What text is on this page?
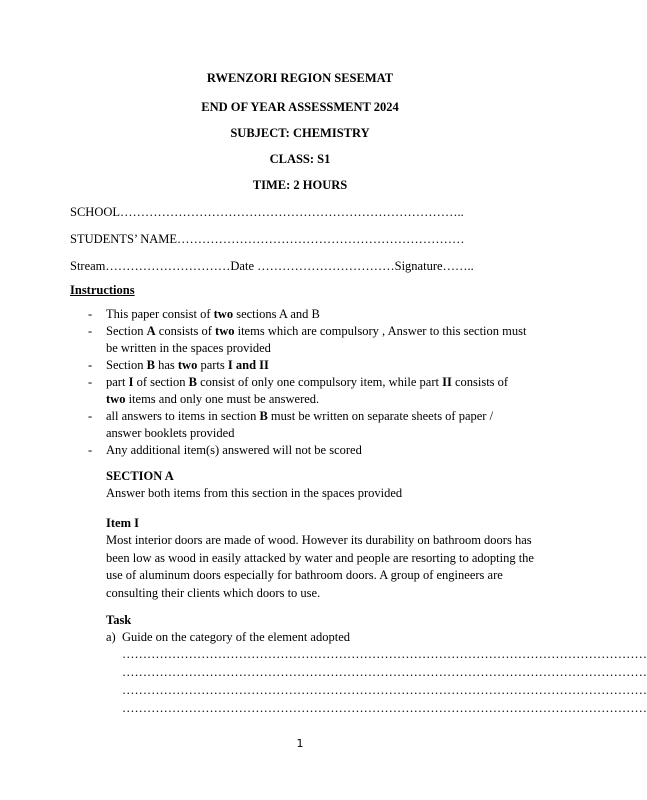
RWENZORI REGION SESEMAT
END OF YEAR ASSESSMENT 2024
SUBJECT: CHEMISTRY
CLASS: S1
TIME: 2 HOURS
SCHOOL………………………………………………………………………..
STUDENTS’ NAME……………………………………………………………
Stream…………………………Date ……………………………Signature……..
Instructions
- This paper consist of two sections A and B
- Section A consists of two items which are compulsory , Answer to this section must be written in the spaces provided
- Section B has two parts I and II
- part I of section B consist of only one compulsory item, while part II consists of two items and only one must be answered.
- all answers to items in section B must be written on separate sheets of paper / answer booklets provided
- Any additional item(s) answered will not be scored
SECTION A
Answer both items from this section in the spaces provided
Item I
Most interior doors are made of wood. However its durability on bathroom doors has been low as wood in easily attacked by water and people are resorting to adopting the use of aluminum doors especially for bathroom doors. A group of engineers are consulting their clients which doors to use.
Task
a)  Guide on the category of the element adopted
………………………………………………………………………………………………………………
………………………………………………………………………………………………………………
………………………………………………………………………………………………………………
………………………………………………………………………………………………………………
1
